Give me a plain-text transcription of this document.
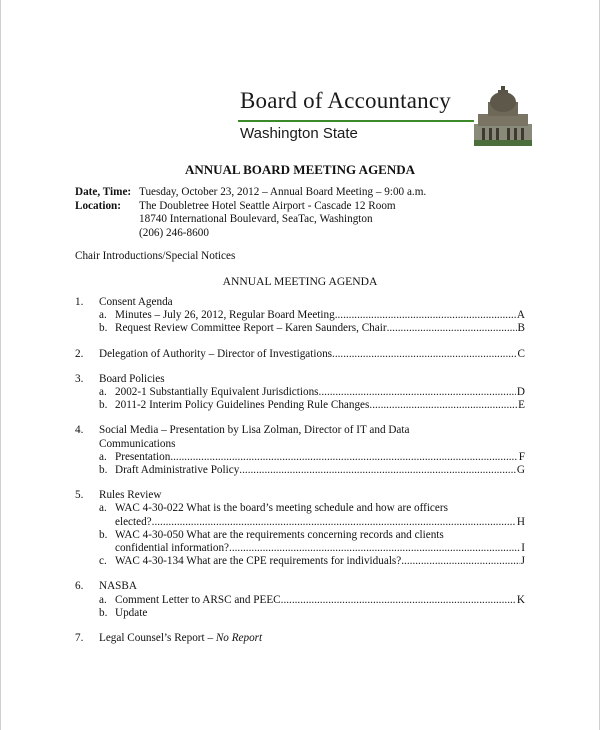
Board of Accountancy
Washington State
ANNUAL BOARD MEETING AGENDA
Date, Time: Tuesday, October 23, 2012 – Annual Board Meeting – 9:00 a.m.
Location:	The Doubletree Hotel Seattle Airport - Cascade 12 Room
18740 International Boulevard, SeaTac, Washington
(206) 246-8600
Chair Introductions/Special Notices
ANNUAL MEETING AGENDA
1.	Consent Agenda
a. Minutes – July 26, 2012, Regular Board Meeting .....	A
b. Request Review Committee Report – Karen Saunders, Chair .....	B
2.	Delegation of Authority – Director of Investigations .....	C
3.	Board Policies
a. 2002-1 Substantially Equivalent Jurisdictions .....	D
b. 2011-2 Interim Policy Guidelines Pending Rule Changes .....	E
4.	Social Media – Presentation by Lisa Zolman, Director of IT and Data
Communications
a. Presentation .....	F
b. Draft Administrative Policy .....	G
5.	Rules Review
a. WAC 4-30-022 What is the board’s meeting schedule and how are officers
elected? .....	H
b. WAC 4-30-050 What are the requirements concerning records and clients
confidential information? .....	I
c. WAC 4-30-134 What are the CPE requirements for individuals? .....	J
6.	NASBA
a. Comment Letter to ARSC and PEEC .....	K
b. Update
7.	Legal Counsel’s Report – No Report
